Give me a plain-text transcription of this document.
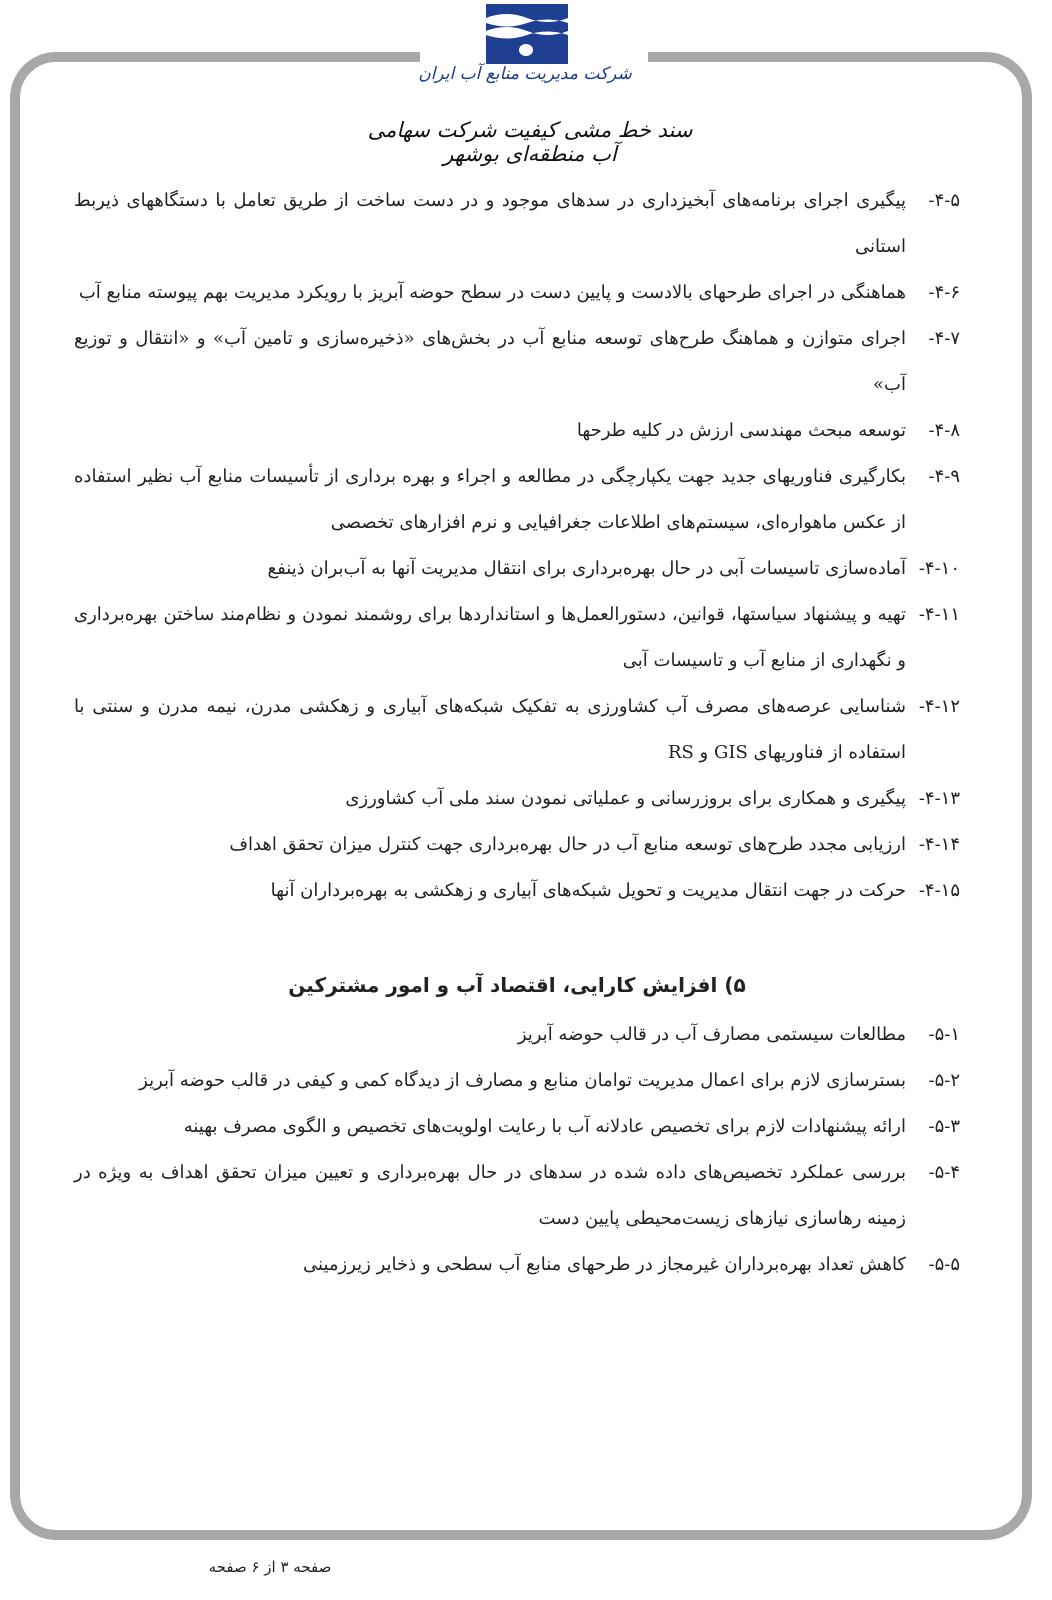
شرکت مدیریت منابع آب ایران
سند خط مشی کیفیت شرکت سهامی آب منطقه‌ای بوشهر
۴-۵-
پیگیری اجرای برنامه‌های آبخیزداری در سدهای موجود و در دست ساخت از طریق تعامل با دستگاههای ذیربط استانی
۴-۶-
هماهنگی در اجرای طرحهای بالادست و پایین دست در سطح حوضه آبریز با رویکرد مدیریت بهم پیوسته منابع آب
۴-۷-
اجرای متوازن و هماهنگ طرح‌های توسعه منابع آب در بخش‌های «ذخیره‌سازی و تامین آب» و «انتقال و توزیع آب»
۴-۸-
توسعه مبحث مهندسی ارزش در کلیه طرحها
۴-۹-
بکارگیری فناوریهای جدید جهت یکپارچگی در مطالعه و اجراء و بهره برداری از تأسیسات منابع آب نظیر استفاده از عکس ماهواره‌ای، سیستم‌های اطلاعات جغرافیایی و نرم افزارهای تخصصی
۴-۱۰-
آماده‌سازی تاسیسات آبی در حال بهره‌برداری برای انتقال مدیریت آنها به آب‌بران ذینفع
۴-۱۱-
تهیه و پیشنهاد سیاستها، قوانین، دستورالعمل‌ها و استانداردها برای روشمند نمودن و نظام‌مند ساختن بهره‌برداری و نگهداری از منابع آب و تاسیسات آبی
۴-۱۲-
شناسایی عرصه‌های مصرف آب کشاورزی به تفکیک شبکه‌های آبیاری و زهکشی مدرن، نیمه مدرن و سنتی با استفاده از فناوریهای GIS و RS
۴-۱۳-
پیگیری و همکاری برای بروزرسانی و عملیاتی نمودن سند ملی آب کشاورزی
۴-۱۴-
ارزیابی مجدد طرح‌های توسعه منابع آب در حال بهره‌برداری جهت کنترل میزان تحقق اهداف
۴-۱۵-
حرکت در جهت انتقال مدیریت و تحویل شبکه‌های آبیاری و زهکشی به بهره‌برداران آنها
۵) افزایش کارایی، اقتصاد آب و امور مشترکین
۵-۱-
مطالعات سیستمی مصارف آب در قالب حوضه آبریز
۵-۲-
بسترسازی لازم برای اعمال مدیریت توامان منابع و مصارف از دیدگاه کمی و کیفی در قالب حوضه آبریز
۵-۳-
ارائه پیشنهادات لازم برای تخصیص عادلانه آب با رعایت اولویت‌های تخصیص و الگوی مصرف بهینه
۵-۴-
بررسی عملکرد تخصیص‌های داده شده در سدهای در حال بهره‌برداری و تعیین میزان تحقق اهداف به ویژه در زمینه رهاسازی نیازهای زیست‌محیطی پایین دست
۵-۵-
کاهش تعداد بهره‌برداران غیرمجاز در طرحهای منابع آب سطحی و ذخایر زیرزمینی
صفحه ۳ از ۶ صفحه
